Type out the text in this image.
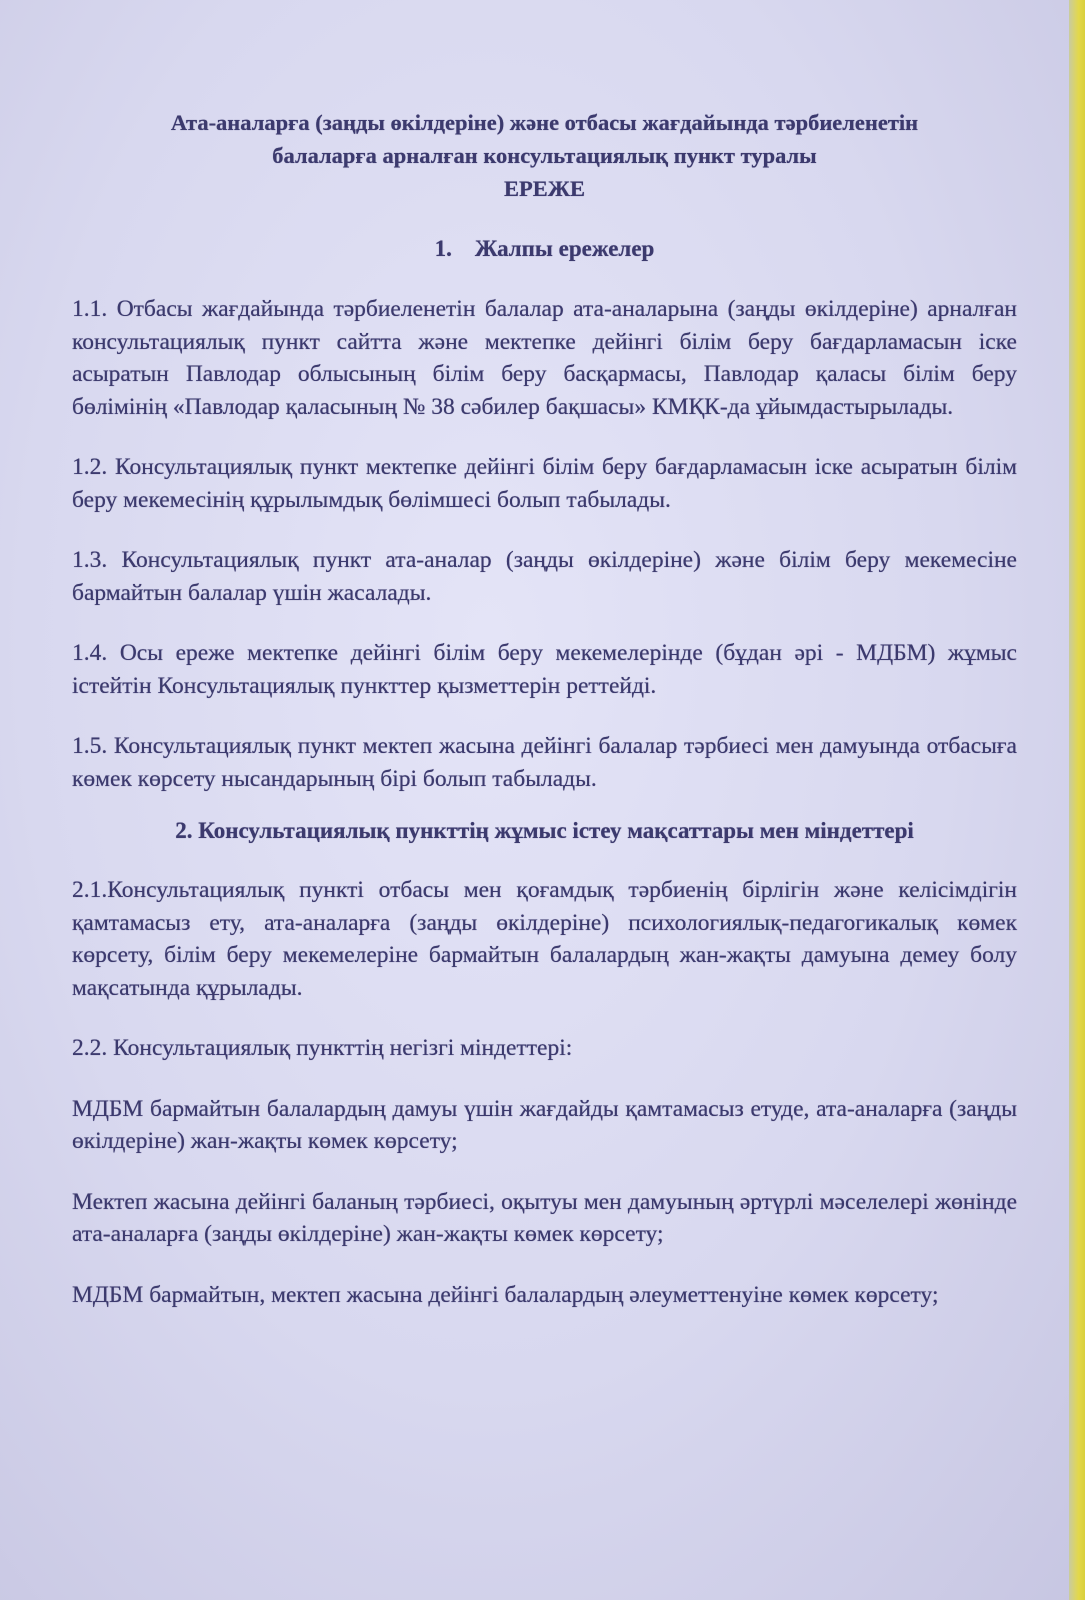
Ата-аналарға (заңды өкілдеріне) және отбасы жағдайында тәрбиеленетін
балаларға арналған консультациялық пункт туралы
ЕРЕЖЕ
1.    Жалпы ережелер

1.1. Отбасы жағдайында тәрбиеленетін балалар ата-аналарына (заңды өкілдеріне) арналған консультациялық пункт сайтта және мектепке дейінгі білім беру бағдарламасын іске асыратын Павлодар облысының білім беру басқармасы, Павлодар қаласы білім беру бөлімінің «Павлодар қаласының № 38 сәбилер бақшасы» КМҚК-да ұйымдастырылады.

1.2. Консультациялық пункт мектепке дейінгі білім беру бағдарламасын іске асыратын білім беру мекемесінің құрылымдық бөлімшесі болып табылады.

1.3. Консультациялық пункт ата-аналар (заңды өкілдеріне) және білім беру мекемесіне бармайтын балалар үшін жасалады.

1.4. Осы ереже мектепке дейінгі білім беру мекемелерінде (бұдан әрі - МДБМ) жұмыс істейтін Консультациялық пункттер қызметтерін реттейді.

1.5. Консультациялық пункт мектеп жасына дейінгі балалар тәрбиесі мен дамуында отбасыға көмек көрсету нысандарының бірі болып табылады.

2. Консультациялық пункттің жұмыс істеу мақсаттары мен міндеттері

2.1.Консультациялық пункті отбасы мен қоғамдық тәрбиенің бірлігін және келісімдігін қамтамасыз ету, ата-аналарға (заңды өкілдеріне) психологиялық-педагогикалық көмек көрсету, білім беру мекемелеріне бармайтын балалардың жан-жақты дамуына демеу болу мақсатында құрылады.

2.2. Консультациялық пункттің негізгі міндеттері:

МДБМ бармайтын балалардың дамуы үшін жағдайды қамтамасыз етуде, ата-аналарға (заңды өкілдеріне) жан-жақты көмек көрсету;

Мектеп жасына дейінгі баланың тәрбиесі, оқытуы мен дамуының әртүрлі мәселелері жөнінде ата-аналарға (заңды өкілдеріне) жан-жақты көмек көрсету;

МДБМ бармайтын, мектеп жасына дейінгі балалардың әлеуметтенуіне көмек көрсету;
